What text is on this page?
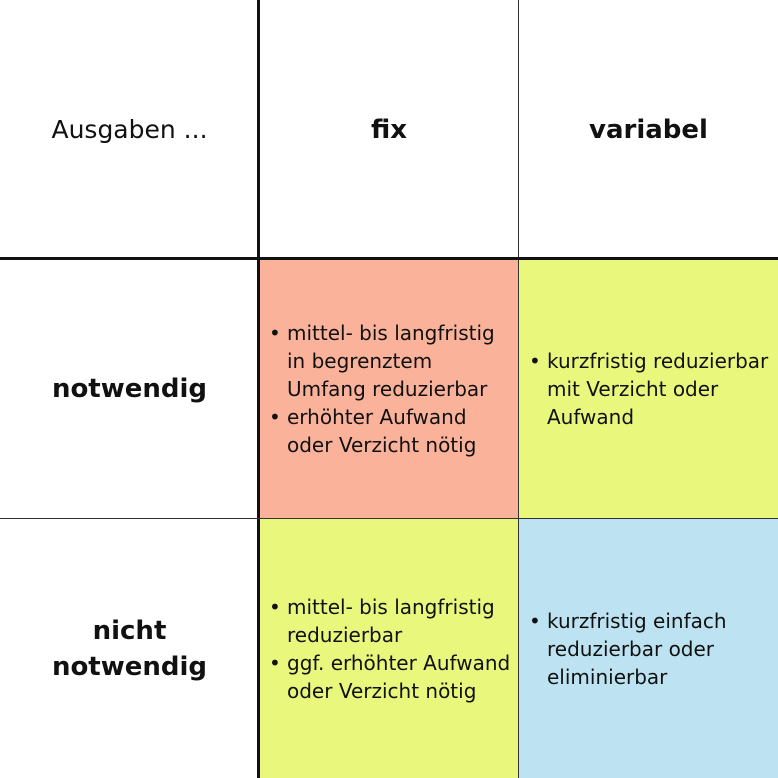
Ausgaben ...	fix	variabel
notwendig
• mittel- bis langfristig in begrenztem Umfang reduzierbar
• erhöhter Aufwand oder Verzicht nötig
• kurzfristig reduzierbar mit Verzicht oder Aufwand
nicht
notwendig
• mittel- bis langfristig reduzierbar
• ggf. erhöhter Aufwand oder Verzicht nötig
• kurzfristig einfach reduzierbar oder eliminierbar
